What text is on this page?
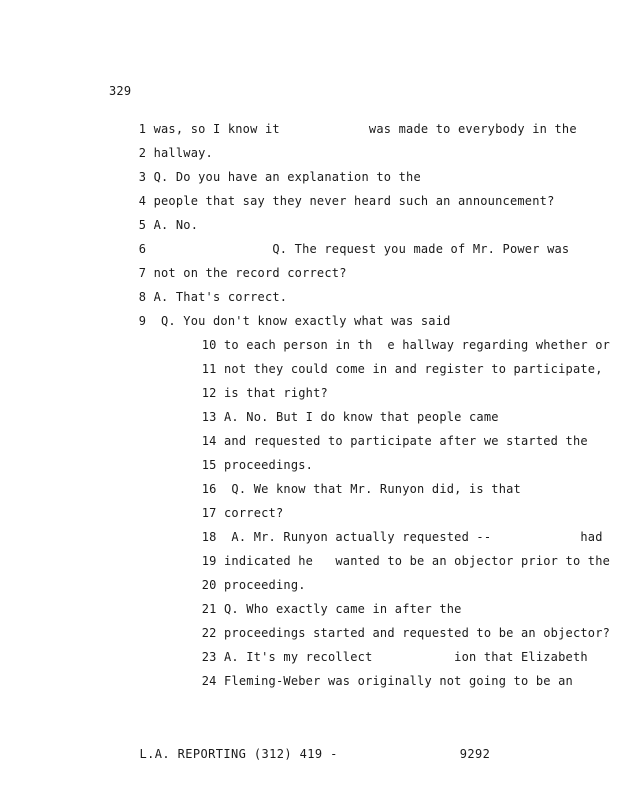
329

1 was, so I know it            was made to everybody in the

2 hallway.

3 Q. Do you have an explanation to the

4 people that say they never heard such an announcement?

5 A. No.

6                 Q. The request you made of Mr. Power was

7 not on the record correct?

8 A. That's correct.

9  Q. You don't know exactly what was said

10 to each person in th  e hallway regarding whether or

11 not they could come in and register to participate,

12 is that right?

13 A. No. But I do know that people came

14 and requested to participate after we started the

15 proceedings.

16  Q. We know that Mr. Runyon did, is that

17 correct?

18  A. Mr. Runyon actually requested --            had

19 indicated he   wanted to be an objector prior to the

20 proceeding.

21 Q. Who exactly came in after the

22 proceedings started and requested to be an objector?

23 A. It's my recollect           ion that Elizabeth

24 Fleming-Weber was originally not going to be an

L.A. REPORTING (312) 419 -                9292
